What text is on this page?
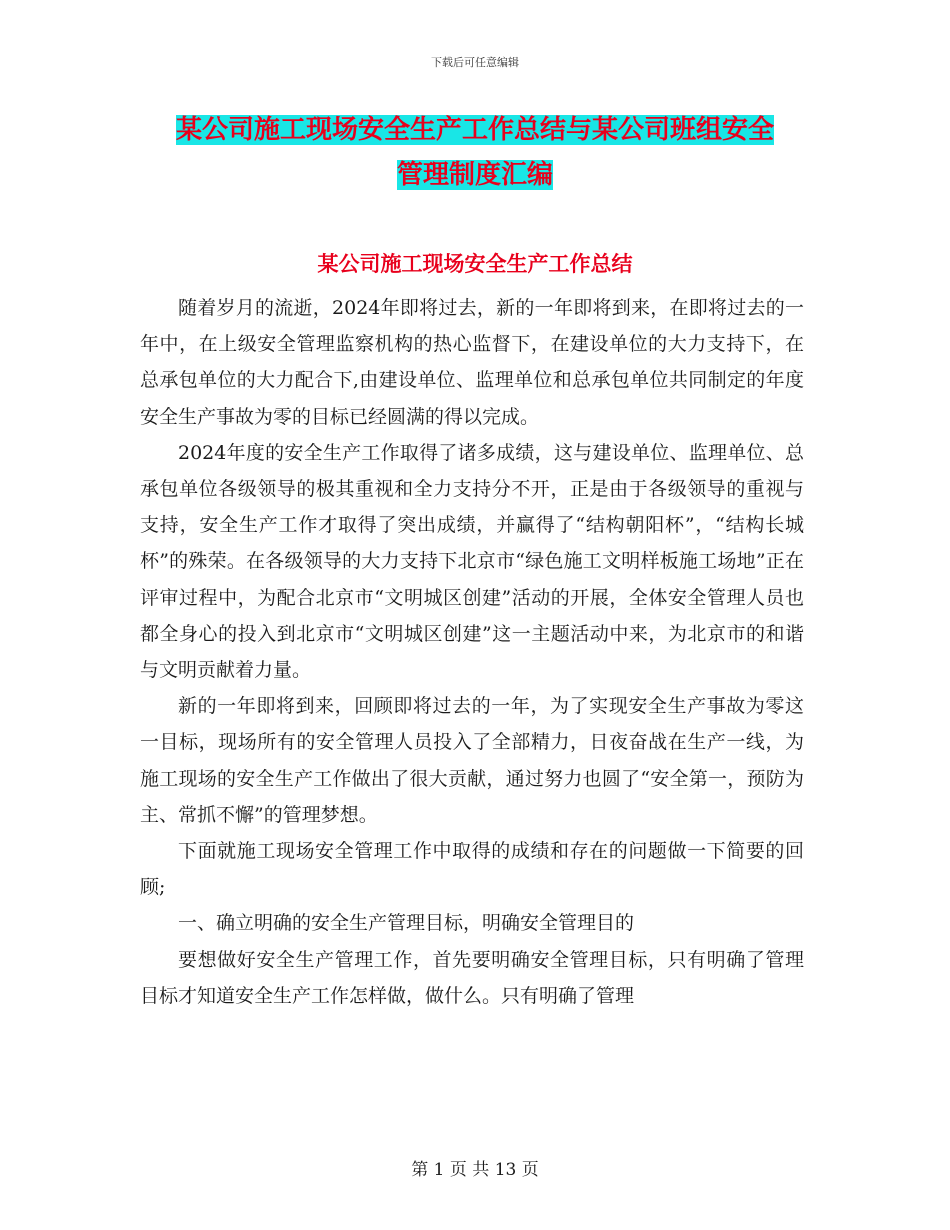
下载后可任意编辑
某公司施工现场安全生产工作总结与某公司班组安全
管理制度汇编
某公司施工现场安全生产工作总结

随着岁月的流逝，2024年即将过去，新的一年即将到来，在即将过去的一年中，在上级安全管理监察机构的热心监督下，在建设单位的大力支持下，在总承包单位的大力配合下,由建设单位、监理单位和总承包单位共同制定的年度安全生产事故为零的目标已经圆满的得以完成。

2024年度的安全生产工作取得了诸多成绩，这与建设单位、监理单位、总承包单位各级领导的极其重视和全力支持分不开，正是由于各级领导的重视与支持，安全生产工作才取得了突出成绩，并赢得了“结构朝阳杯”，“结构长城杯”的殊荣。在各级领导的大力支持下北京市“绿色施工文明样板施工场地”正在评审过程中，为配合北京市“文明城区创建”活动的开展，全体安全管理人员也都全身心的投入到北京市“文明城区创建”这一主题活动中来，为北京市的和谐与文明贡献着力量。

新的一年即将到来，回顾即将过去的一年，为了实现安全生产事故为零这一目标，现场所有的安全管理人员投入了全部精力，日夜奋战在生产一线，为施工现场的安全生产工作做出了很大贡献，通过努力也圆了“安全第一，预防为主、常抓不懈”的管理梦想。

下面就施工现场安全管理工作中取得的成绩和存在的问题做一下简要的回顾;

一、确立明确的安全生产管理目标，明确安全管理目的

要想做好安全生产管理工作，首先要明确安全管理目标，只有明确了管理目标才知道安全生产工作怎样做，做什么。只有明确了管理

第 1 页 共 13 页
